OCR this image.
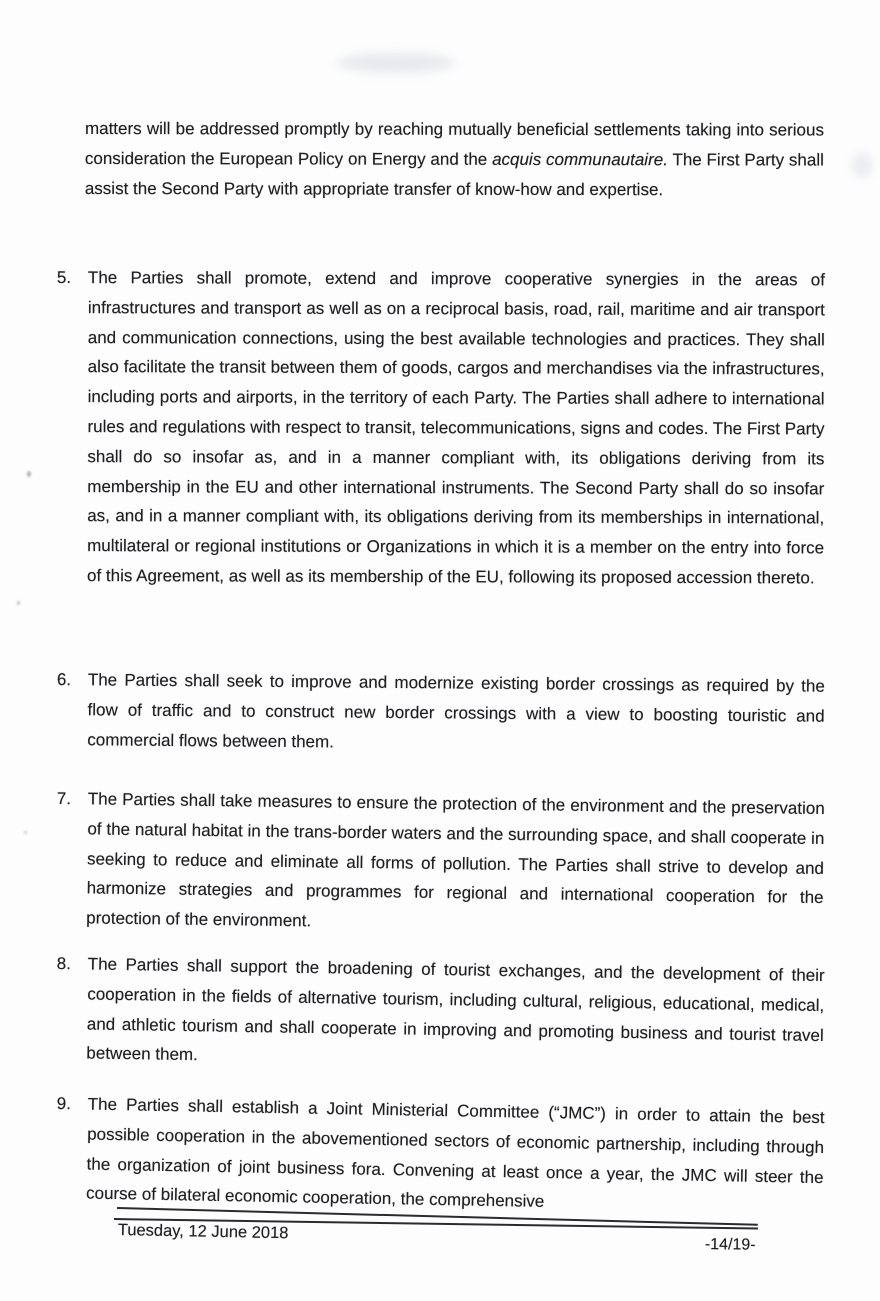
matters will be addressed promptly by reaching mutually beneficial settlements taking into serious consideration the European Policy on Energy and the acquis communautaire. The First Party shall assist the Second Party with appropriate transfer of know-how and expertise.
5. The Parties shall promote, extend and improve cooperative synergies in the areas of infrastructures and transport as well as on a reciprocal basis, road, rail, maritime and air transport and communication connections, using the best available technologies and practices. They shall also facilitate the transit between them of goods, cargos and merchandises via the infrastructures, including ports and airports, in the territory of each Party. The Parties shall adhere to international rules and regulations with respect to transit, telecommunications, signs and codes. The First Party shall do so insofar as, and in a manner compliant with, its obligations deriving from its membership in the EU and other international instruments. The Second Party shall do so insofar as, and in a manner compliant with, its obligations deriving from its memberships in international, multilateral or regional institutions or Organizations in which it is a member on the entry into force of this Agreement, as well as its membership of the EU, following its proposed accession thereto.
6. The Parties shall seek to improve and modernize existing border crossings as required by the flow of traffic and to construct new border crossings with a view to boosting touristic and commercial flows between them.
7. The Parties shall take measures to ensure the protection of the environment and the preservation of the natural habitat in the trans-border waters and the surrounding space, and shall cooperate in seeking to reduce and eliminate all forms of pollution. The Parties shall strive to develop and harmonize strategies and programmes for regional and international cooperation for the protection of the environment.
8. The Parties shall support the broadening of tourist exchanges, and the development of their cooperation in the fields of alternative tourism, including cultural, religious, educational, medical, and athletic tourism and shall cooperate in improving and promoting business and tourist travel between them.
9. The Parties shall establish a Joint Ministerial Committee (“JMC”) in order to attain the best possible cooperation in the abovementioned sectors of economic partnership, including through the organization of joint business fora. Convening at least once a year, the JMC will steer the course of bilateral economic cooperation, the comprehensive
Tuesday, 12 June 2018
-14/19-
